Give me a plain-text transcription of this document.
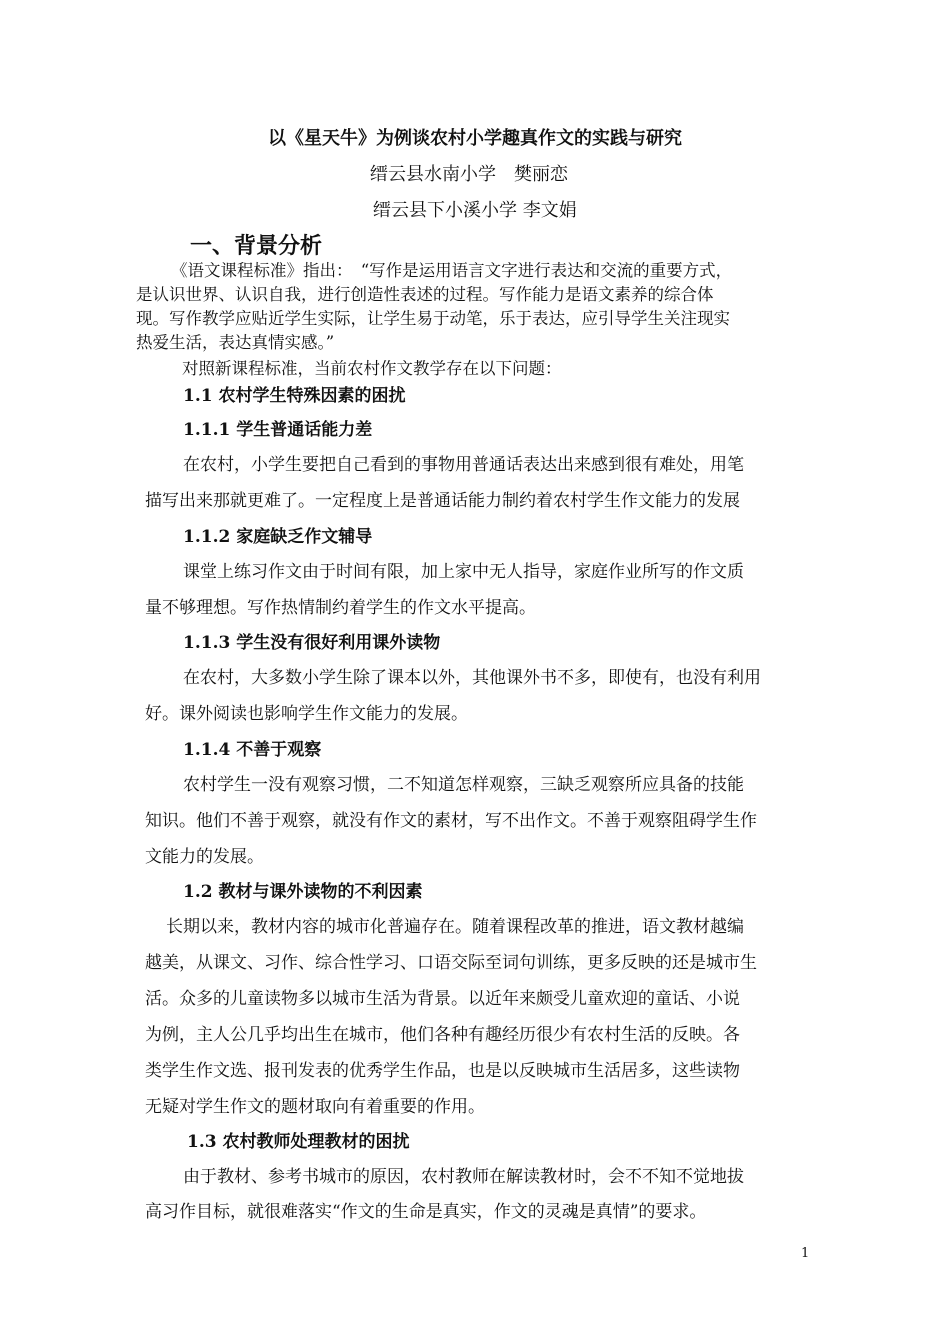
以《星天牛》为例谈农村小学趣真作文的实践与研究

缙云县水南小学　樊丽恋

缙云县下小溪小学 李文娟

一、背景分析

《语文课程标准》指出：　“写作是运用语言文字进行表达和交流的重要方式，

是认识世界、认识自我，进行创造性表述的过程。写作能力是语文素养的综合体

现。写作教学应贴近学生实际，让学生易于动笔，乐于表达，应引导学生关注现实

热爱生活，表达真情实感。”

对照新课程标准，当前农村作文教学存在以下问题：

1.1 农村学生特殊因素的困扰

1.1.1 学生普通话能力差

在农村，小学生要把自己看到的事物用普通话表达出来感到很有难处，用笔

描写出来那就更难了。一定程度上是普通话能力制约着农村学生作文能力的发展

1.1.2 家庭缺乏作文辅导

课堂上练习作文由于时间有限，加上家中无人指导，家庭作业所写的作文质

量不够理想。写作热情制约着学生的作文水平提高。

1.1.3 学生没有很好利用课外读物

在农村，大多数小学生除了课本以外，其他课外书不多，即使有，也没有利用

好。课外阅读也影响学生作文能力的发展。

1.1.4 不善于观察

农村学生一没有观察习惯，二不知道怎样观察，三缺乏观察所应具备的技能

知识。他们不善于观察，就没有作文的素材，写不出作文。不善于观察阻碍学生作

文能力的发展。

1.2 教材与课外读物的不利因素

长期以来，教材内容的城市化普遍存在。随着课程改革的推进，语文教材越编

越美，从课文、习作、综合性学习、口语交际至词句训练，更多反映的还是城市生

活。众多的儿童读物多以城市生活为背景。以近年来颇受儿童欢迎的童话、小说

为例，主人公几乎均出生在城市，他们各种有趣经历很少有农村生活的反映。各

类学生作文选、报刊发表的优秀学生作品，也是以反映城市生活居多，这些读物

无疑对学生作文的题材取向有着重要的作用。

1.3 农村教师处理教材的困扰

由于教材、参考书城市的原因，农村教师在解读教材时，会不不知不觉地拔

高习作目标，就很难落实“作文的生命是真实，作文的灵魂是真情”的要求。

1
